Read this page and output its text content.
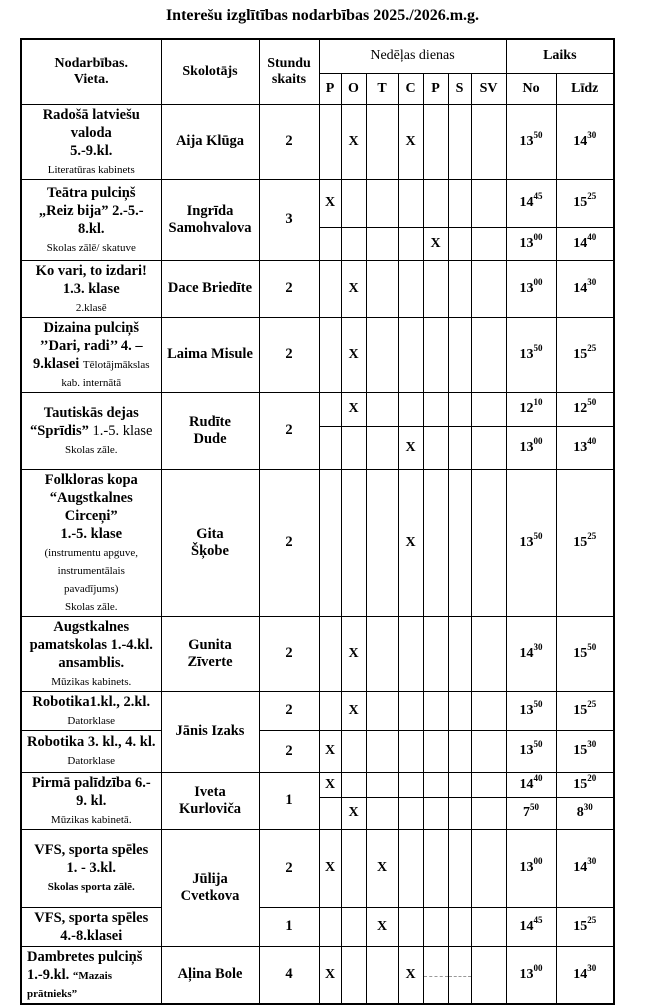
Interešu izglītības nodarbības 2025./2026.m.g.
Nodarbības.
Vieta.
	Skolotājs	
Stundu
skaits
	Nedēļas dienas	Laiks
			P	O	T	C	P	S	SV	No	Līdz

Radošā latviešu
valoda
5.-9.kl.
Literatūras kabinets	Aija Klūga	2		X		X				$13^{50}$	$14^{30}$

Teātra pulciņš
„Reiz bija” 2.-5.-
8.kl.
Skolas zālē/ skatuve

Ingrīda
Samohvalova
	3	X							$14^{45}$	$15^{25}$
							X			$13^{00}$	$14^{40}$

Ko vari, to izdari!
1.3. klase
2.klasē	Dace Briedīte	2		X						$13^{00}$	$14^{30}$

Dizaina pulciņš
’’Dari, radi’’ 4. –
9.klasei Tēlotājmākslas
kab. internātā	Laima Misule	2		X						$13^{50}$	$15^{25}$

Tautiskās dejas
“Sprīdis” 1.-5. klase
Skolas zāle.

Rudīte
Dude
	2		X						$12^{10}$	$12^{50}$
						X				$13^{00}$	$13^{40}$

Folkloras kopa
“Augstkalnes
Circeņi”
1.-5. klase
(instrumentu apguve,
instrumentālais
pavadījums)
Skolas zāle.

Gita
Šķobe
	2				X				$13^{50}$	$15^{25}$

Augstkalnes
pamatskolas 1.-4.kl.
ansamblis.
Mūzikas kabinets.

Gunita
Zīverte
	2		X						$14^{30}$	$15^{50}$

Robotika1.kl., 2.kl.
Datorklase	Jānis Izaks	2		X						$13^{50}$	$15^{25}$

Robotika 3. kl., 4. kl.
Datorklase		2	X							$13^{50}$	$15^{30}$

Pirmā palīdzība 6.-
9. kl.
Mūzikas kabinetā.

Iveta
Kurloviča
	1	X							$14^{40}$	$15^{20}$
				X						$7^{50}$	$8^{30}$

VFS, sporta spēles
1. - 3.kl.
Skolas sporta zālē.

Jūlija
Cvetkova
	2	X		X					$13^{00}$	$14^{30}$

VFS, sporta spēles
4.-8.klasei		1			X					$14^{45}$	$15^{25}$

Dambretes pulciņš
1.-9.kl. “Mazais
prātnieks”	Aļina Bole	4	X			X				$13^{00}$	$14^{30}$
